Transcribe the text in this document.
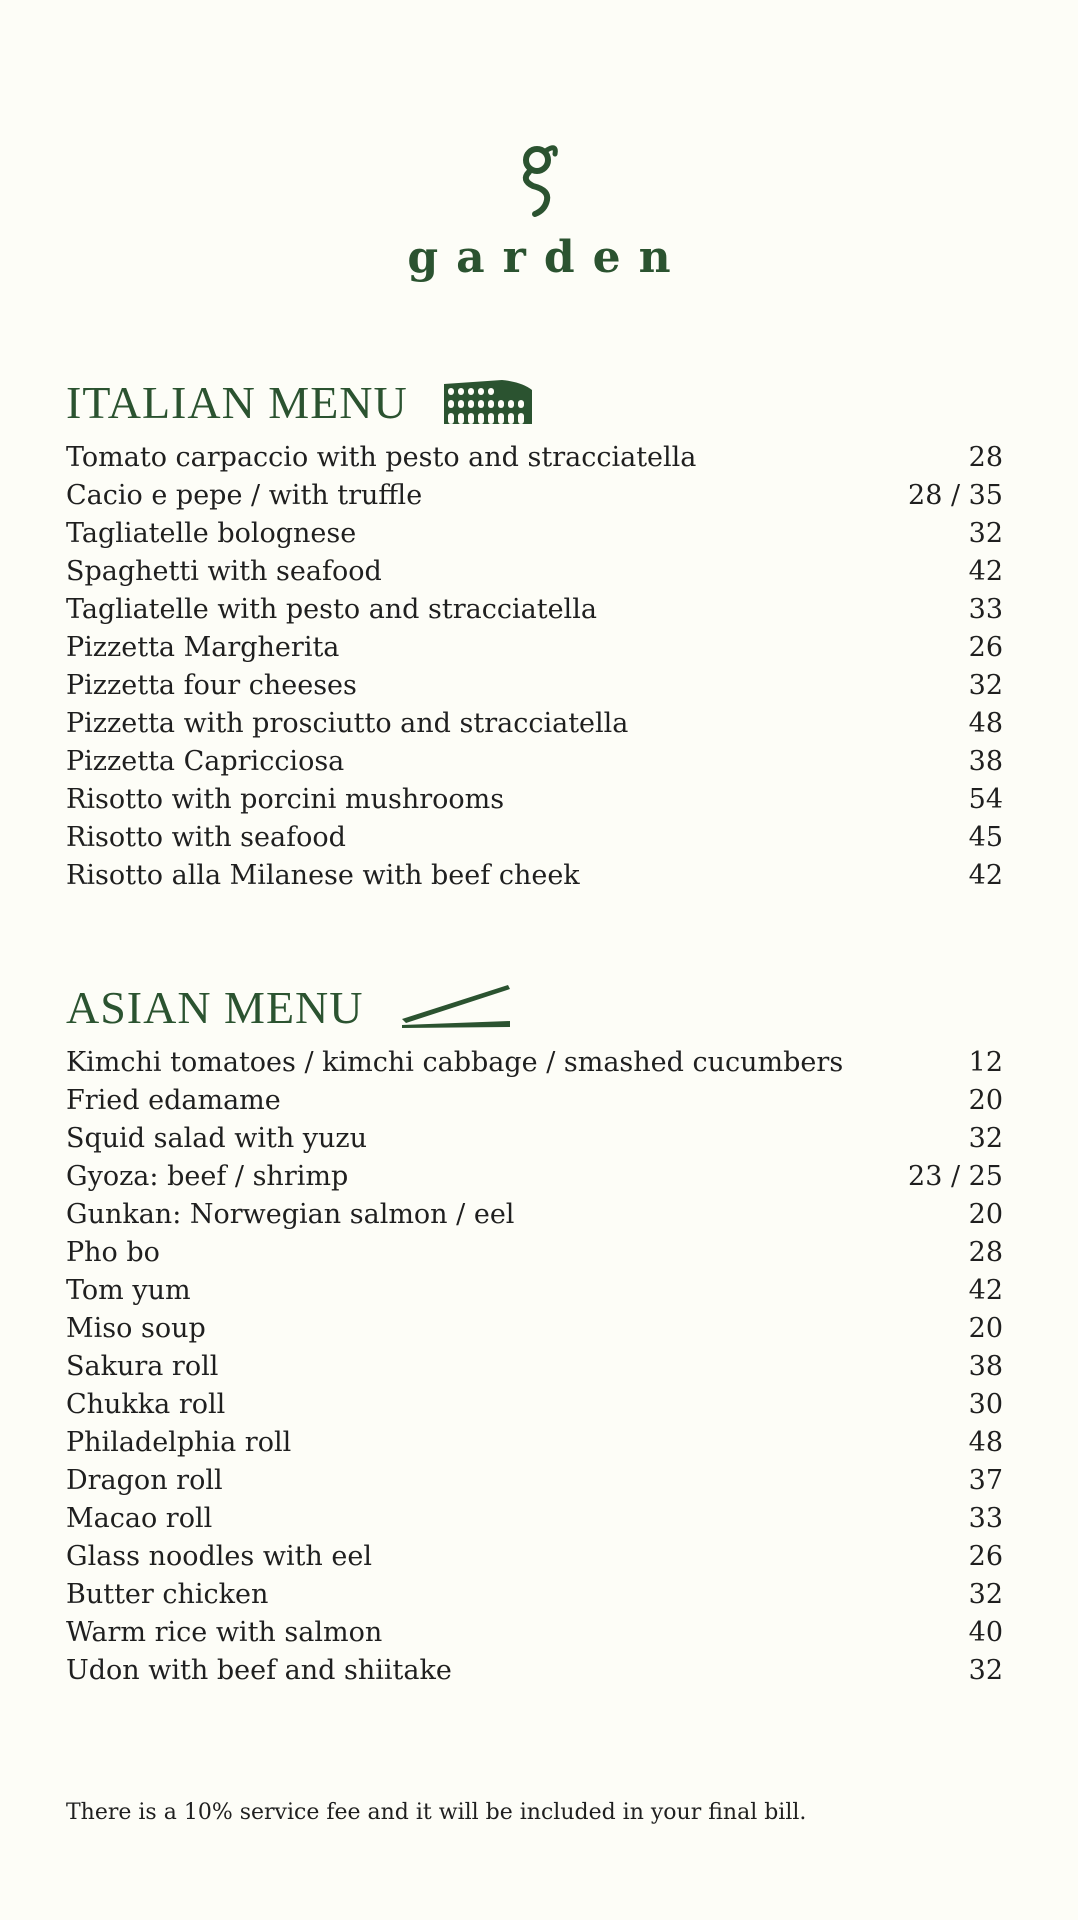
garden
ITALIAN MENU
Tomato carpaccio with pesto and stracciatella	28
Cacio e pepe / with truffle	28 / 35
Tagliatelle bolognese	32
Spaghetti with seafood	42
Tagliatelle with pesto and stracciatella	33
Pizzetta Margherita	26
Pizzetta four cheeses	32
Pizzetta with prosciutto and stracciatella	48
Pizzetta Capricciosa	38
Risotto with porcini mushrooms	54
Risotto with seafood	45
Risotto alla Milanese with beef cheek	42
ASIAN MENU
Kimchi tomatoes / kimchi cabbage / smashed cucumbers	12
Fried edamame	20
Squid salad with yuzu	32
Gyoza: beef / shrimp	23 / 25
Gunkan: Norwegian salmon / eel	20
Pho bo	28
Tom yum	42
Miso soup	20
Sakura roll	38
Chukka roll	30
Philadelphia roll	48
Dragon roll	37
Macao roll	33
Glass noodles with eel	26
Butter chicken	32
Warm rice with salmon	40
Udon with beef and shiitake	32
There is a 10% service fee and it will be included in your final bill.
